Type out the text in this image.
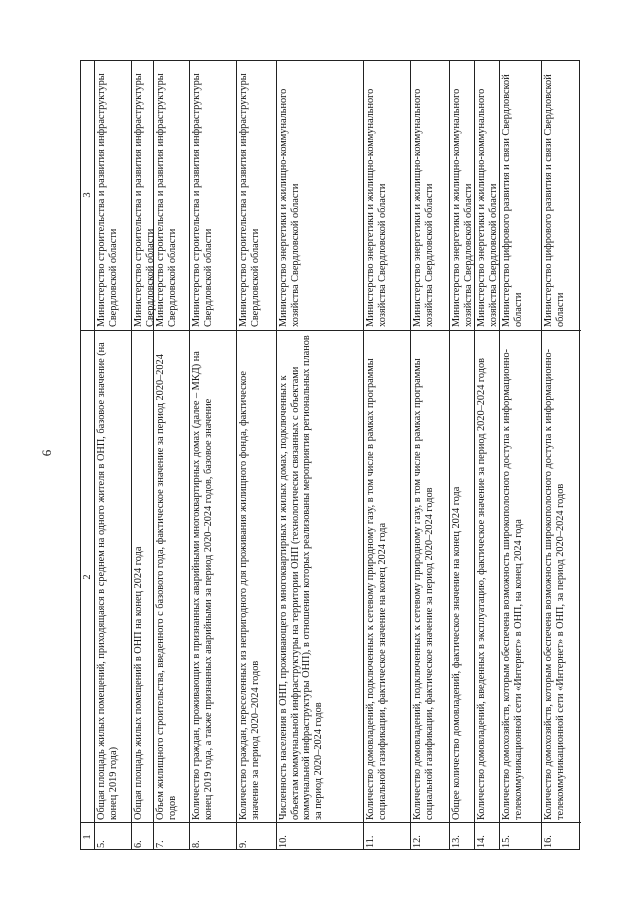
6
3
2
1
Министерство строительства и развития инфраструктуры Свердловской области
Общая площадь жилых помещений, приходящаяся в среднем на одного жителя в ОНП, базовое значение (на конец 2019 года)
5.
Министерство строительства и развития инфраструктуры Свердловской области
Общая площадь жилых помещений в ОНП на конец 2024 года
6.
Министерство строительства и развития инфраструктуры Свердловской области
Объем жилищного строительства, введенного с базового года, фактическое значение за период 2020–2024 годов
7.
Министерство строительства и развития инфраструктуры Свердловской области
Количество граждан, проживающих в признанных аварийными многоквартирных домах (далее – МКД) на конец 2019 года, а также признанных аварийными за период 2020–2024 годов, базовое значение
8.
Министерство строительства и развития инфраструктуры Свердловской области
Количество граждан, переселенных из непригодного для проживания жилищного фонда, фактическое значение за период 2020–2024 годов
9.
Министерство энергетики и жилищно-коммунального хозяйства Свердловской области
Численность населения в ОНП, проживающего в многоквартирных и жилых домах, подключенных к объектам коммунальной инфраструктуры на территории ОНП (технологически связанных с объектами коммунальной инфраструктуры ОНП), в отношении которых реализованы мероприятия региональных планов за период 2020–2024 годов
10.
Министерство энергетики и жилищно-коммунального хозяйства Свердловской области
Количество домовладений, подключенных к сетевому природному газу, в том числе в рамках программы социальной газификации, фактическое значение на конец 2024 года
11.
Министерство энергетики и жилищно-коммунального хозяйства Свердловской области
Количество домовладений, подключенных к сетевому природному газу, в том числе в рамках программы социальной газификации, фактическое значение за период 2020–2024 годов
12.
Министерство энергетики и жилищно-коммунального хозяйства Свердловской области
Общее количество домовладений, фактическое значение на конец 2024 года
13.
Министерство энергетики и жилищно-коммунального хозяйства Свердловской области
Количество домовладений, введенных в эксплуатацию, фактическое значение за период 2020–2024 годов
14.
Министерство цифрового развития и связи Свердловской области
Количество домохозяйств, которым обеспечена возможность широкополосного доступа к информационно-телекоммуникационной сети «Интернет» в ОНП, на конец 2024 года
15.
Министерство цифрового развития и связи Свердловской области
Количество домохозяйств, которым обеспечена возможность широкополосного доступа к информационно-телекоммуникационной сети «Интернет» в ОНП, за период 2020–2024 годов
16.
